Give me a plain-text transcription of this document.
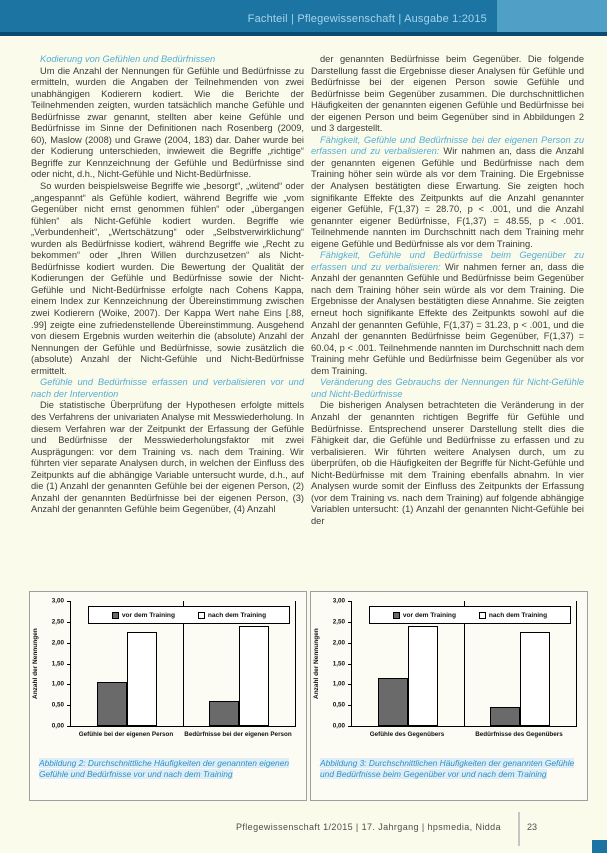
Fachteil | Pflegewissenschaft | Ausgabe 1:2015
Kodierung von Gefühlen und Bedürfnissen

Um die Anzahl der Nennungen für Gefühle und Bedürfnisse zu ermitteln, wurden die Angaben der Teilnehmenden von zwei unabhängigen Kodierern kodiert. Wie die Berichte der Teilnehmenden zeigten, wurden tatsächlich manche Gefühle und Bedürfnisse zwar genannt, stellten aber keine Gefühle und Bedürfnisse im Sinne der Definitionen nach Rosenberg (2009, 60), Maslow (2008) und Grawe (2004, 183) dar. Daher wurde bei der Kodierung unterschieden, inwieweit die Begriffe „richtige“ Begriffe zur Kennzeichnung der Gefühle und Bedürfnisse sind oder nicht, d.h., Nicht-Gefühle und Nicht-Bedürfnisse.

So wurden beispielsweise Begriffe wie „besorgt“, „wütend“ oder „angespannt“ als Gefühle kodiert, während Begriffe wie „vom Gegenüber nicht ernst genommen fühlen“ oder „übergangen fühlen“ als Nicht-Gefühle kodiert wurden. Begriffe wie „Verbundenheit“, „Wertschätzung“ oder „Selbstverwirklichung“ wurden als Bedürfnisse kodiert, während Begriffe wie „Recht zu bekommen“ oder „Ihren Willen durchzusetzen“ als Nicht-Bedürfnisse kodiert wurden. Die Bewertung der Qualität der Kodierungen der Gefühle und Bedürfnisse sowie der Nicht-Gefühle und Nicht-Bedürfnisse erfolgte nach Cohens Kappa, einem Index zur Kennzeichnung der Übereinstimmung zwischen zwei Kodierern (Woike, 2007). Der Kappa Wert nahe Eins [.88, .99] zeigte eine zufriedenstellende Übereinstimmung. Ausgehend von diesem Ergebnis wurden weiterhin die (absolute) Anzahl der Nennungen der Gefühle und Bedürfnisse, sowie zusätzlich die (absolute) Anzahl der Nicht-Gefühle und Nicht-Bedürfnisse ermittelt.

Gefühle und Bedürfnisse erfassen und verbalisieren vor und nach der Intervention

Die statistische Überprüfung der Hypothesen erfolgte mittels des Verfahrens der univariaten Analyse mit Messwiederholung. In diesem Verfahren war der Zeitpunkt der Erfassung der Gefühle und Bedürfnisse der Messwiederholungsfaktor mit zwei Ausprägungen: vor dem Training vs. nach dem Training. Wir führten vier separate Analysen durch, in welchen der Einfluss des Zeitpunkts auf die abhängige Variable untersucht wurde, d.h., auf die (1) Anzahl der genannten Gefühle bei der eigenen Person, (2) Anzahl der genannten Bedürfnisse bei der eigenen Person, (3) Anzahl der genannten Gefühle beim Gegenüber, (4) Anzahl

der genannten Bedürfnisse beim Gegenüber. Die folgende Darstellung fasst die Ergebnisse dieser Analysen für Gefühle und Bedürfnisse bei der eigenen Person sowie Gefühle und Bedürfnisse beim Gegenüber zusammen. Die durchschnittlichen Häufigkeiten der genannten eigenen Gefühle und Bedürfnisse bei der eigenen Person und beim Gegenüber sind in Abbildungen 2 und 3 dargestellt.

Fähigkeit, Gefühle und Bedürfnisse bei der eigenen Person zu erfassen und zu verbalisieren: Wir nahmen an, dass die Anzahl der genannten eigenen Gefühle und Bedürfnisse nach dem Training höher sein würde als vor dem Training. Die Ergebnisse der Analysen bestätigten diese Erwartung. Sie zeigten hoch signifikante Effekte des Zeitpunkts auf die Anzahl genannter eigener Gefühle, F(1,37) = 28.70, p < .001, und die Anzahl genannter eigener Bedürfnisse, F(1,37) = 48.55, p < .001. Teilnehmende nannten im Durchschnitt nach dem Training mehr eigene Gefühle und Bedürfnisse als vor dem Training.

Fähigkeit, Gefühle und Bedürfnisse beim Gegenüber zu erfassen und zu verbalisieren: Wir nahmen ferner an, dass die Anzahl der genannten Gefühle und Bedürfnisse beim Gegenüber nach dem Training höher sein würde als vor dem Training. Die Ergebnisse der Analysen bestätigten diese Annahme. Sie zeigten erneut hoch signifikante Effekte des Zeitpunkts sowohl auf die Anzahl der genannten Gefühle, F(1,37) = 31.23, p < .001, und die Anzahl der genannten Bedürfnisse beim Gegenüber, F(1,37) = 60.04, p < .001. Teilnehmende nannten im Durchschnitt nach dem Training mehr Gefühle und Bedürfnisse beim Gegenüber als vor dem Training.

Veränderung des Gebrauchs der Nennungen für Nicht-Gefühle und Nicht-Bedürfnisse

Die bisherigen Analysen betrachteten die Veränderung in der Anzahl der genannten richtigen Begriffe für Gefühle und Bedürfnisse. Entsprechend unserer Darstellung stellt dies die Fähigkeit dar, die Gefühle und Bedürfnisse zu erfassen und zu verbalisieren. Wir führten weitere Analysen durch, um zu überprüfen, ob die Häufigkeiten der Begriffe für Nicht-Gefühle und Nicht-Bedürfnisse mit dem Training ebenfalls abnahm. In vier Analysen wurde somit der Einfluss des Zeitpunkts der Erfassung (vor dem Training vs. nach dem Training) auf folgende abhängige Variablen untersucht: (1) Anzahl der genannten Nicht-Gefühle bei der

Anzahl der Nennungen
3,00
2,50
2,00
1,50
1,00
0,50
0,00
vor dem Training	nach dem Training
Gefühle bei der eigenen Person	Bedürfnisse bei der eigenen Person
Abbildung 2: Durchschnittliche Häufigkeiten der genannten eigenen Gefühle und Bedürfnisse vor und nach dem Training
Anzahl der Nennungen
3,00
2,50
2,00
1,50
1,00
0,50
0,00
vor dem Training	nach dem Training
Gefühle des Gegenübers	Bedürfnisse des Gegenübers
Abbildung 3: Durchschnittlichen Häufigkeiten der genannten Gefühle und Bedürfnisse beim Gegenüber vor und nach dem Training
Pflegewissenschaft 1/2015 | 17. Jahrgang | hpsmedia, Nidda	23
